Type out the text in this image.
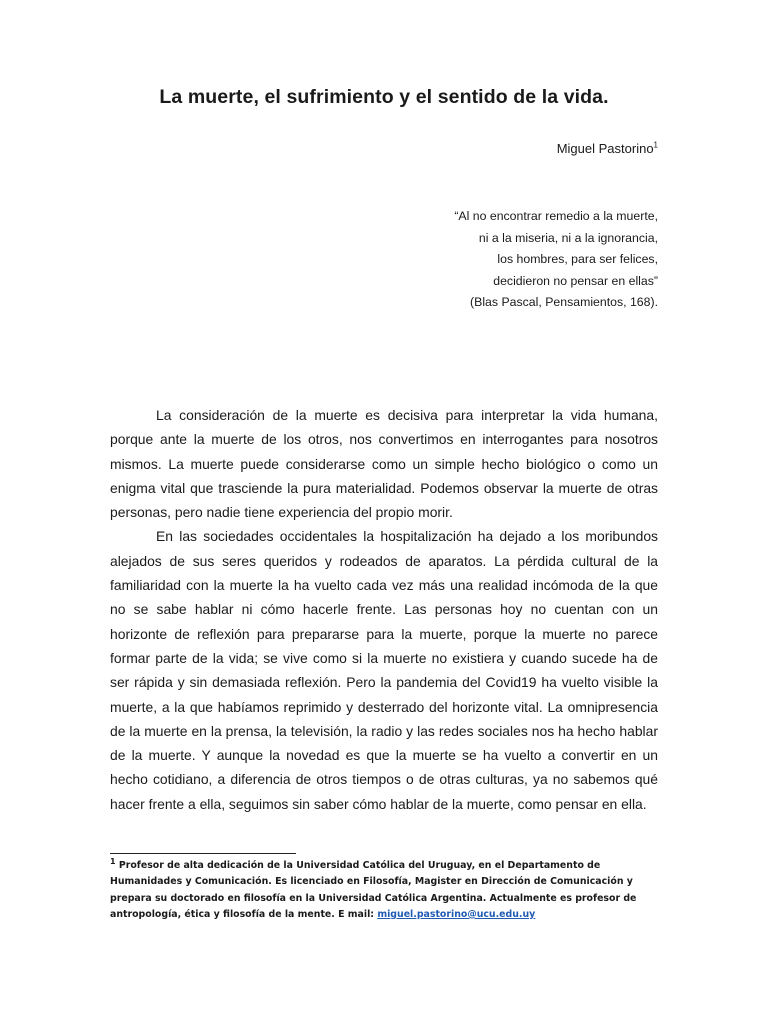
La muerte, el sufrimiento y el sentido de la vida.
Miguel Pastorino$^1$
“Al no encontrar remedio a la muerte,
ni a la miseria, ni a la ignorancia,
los hombres, para ser felices,
decidieron no pensar en ellas”
(Blas Pascal, Pensamientos, 168).

La consideración de la muerte es decisiva para interpretar la vida humana, porque ante la muerte de los otros, nos convertimos en interrogantes para nosotros mismos. La muerte puede considerarse como un simple hecho biológico o como un enigma vital que trasciende la pura materialidad. Podemos observar la muerte de otras personas, pero nadie tiene experiencia del propio morir.

En las sociedades occidentales la hospitalización ha dejado a los moribundos alejados de sus seres queridos y rodeados de aparatos. La pérdida cultural de la familiaridad con la muerte la ha vuelto cada vez más una realidad incómoda de la que no se sabe hablar ni cómo hacerle frente. Las personas hoy no cuentan con un horizonte de reflexión para prepararse para la muerte, porque la muerte no parece formar parte de la vida; se vive como si la muerte no existiera y cuando sucede ha de ser rápida y sin demasiada reflexión. Pero la pandemia del Covid19 ha vuelto visible la muerte, a la que habíamos reprimido y desterrado del horizonte vital. La omnipresencia de la muerte en la prensa, la televisión, la radio y las redes sociales nos ha hecho hablar de la muerte. Y aunque la novedad es que la muerte se ha vuelto a convertir en un hecho cotidiano, a diferencia de otros tiempos o de otras culturas, ya no sabemos qué hacer frente a ella, seguimos sin saber cómo hablar de la muerte, como pensar en ella.

$^1$ Profesor de alta dedicación de la Universidad Católica del Uruguay, en el Departamento de Humanidades y Comunicación. Es licenciado en Filosofía, Magister en Dirección de Comunicación y prepara su doctorado en filosofía en la Universidad Católica Argentina. Actualmente es profesor de antropología, ética y filosofía de la mente. E mail: miguel.pastorino@ucu.edu.uy
